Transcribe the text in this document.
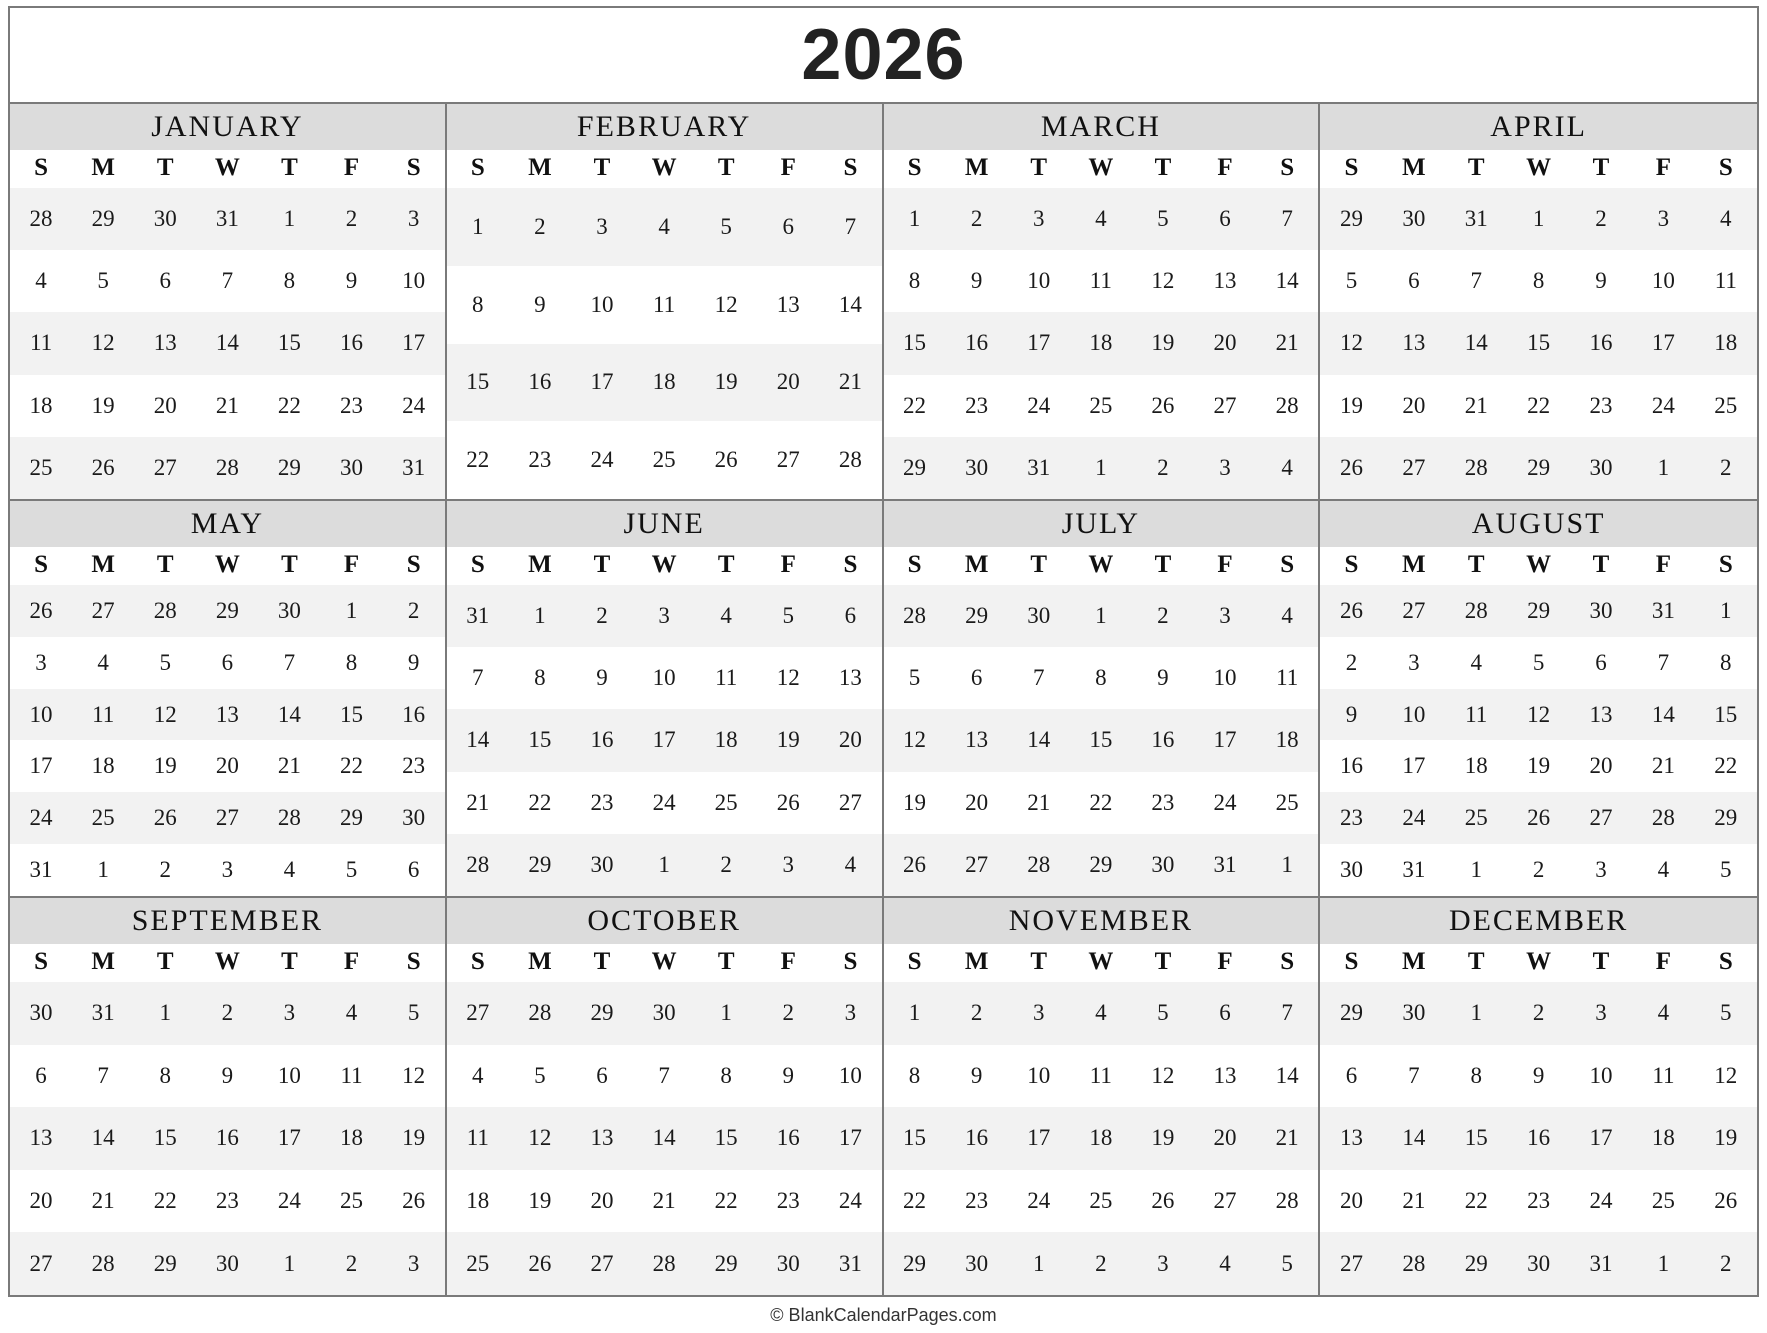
2026
JANUARY
S	M	T	W	T	F	S
28	29	30	31	1	2	3
4	5	6	7	8	9	10
11	12	13	14	15	16	17
18	19	20	21	22	23	24
25	26	27	28	29	30	31
FEBRUARY
S	M	T	W	T	F	S
1	2	3	4	5	6	7
8	9	10	11	12	13	14
15	16	17	18	19	20	21
22	23	24	25	26	27	28
MARCH
S	M	T	W	T	F	S
1	2	3	4	5	6	7
8	9	10	11	12	13	14
15	16	17	18	19	20	21
22	23	24	25	26	27	28
29	30	31	1	2	3	4
APRIL
S	M	T	W	T	F	S
29	30	31	1	2	3	4
5	6	7	8	9	10	11
12	13	14	15	16	17	18
19	20	21	22	23	24	25
26	27	28	29	30	1	2
MAY
S	M	T	W	T	F	S
26	27	28	29	30	1	2
3	4	5	6	7	8	9
10	11	12	13	14	15	16
17	18	19	20	21	22	23
24	25	26	27	28	29	30
31	1	2	3	4	5	6
JUNE
S	M	T	W	T	F	S
31	1	2	3	4	5	6
7	8	9	10	11	12	13
14	15	16	17	18	19	20
21	22	23	24	25	26	27
28	29	30	1	2	3	4
JULY
S	M	T	W	T	F	S
28	29	30	1	2	3	4
5	6	7	8	9	10	11
12	13	14	15	16	17	18
19	20	21	22	23	24	25
26	27	28	29	30	31	1
AUGUST
S	M	T	W	T	F	S
26	27	28	29	30	31	1
2	3	4	5	6	7	8
9	10	11	12	13	14	15
16	17	18	19	20	21	22
23	24	25	26	27	28	29
30	31	1	2	3	4	5
SEPTEMBER
S	M	T	W	T	F	S
30	31	1	2	3	4	5
6	7	8	9	10	11	12
13	14	15	16	17	18	19
20	21	22	23	24	25	26
27	28	29	30	1	2	3
OCTOBER
S	M	T	W	T	F	S
27	28	29	30	1	2	3
4	5	6	7	8	9	10
11	12	13	14	15	16	17
18	19	20	21	22	23	24
25	26	27	28	29	30	31
NOVEMBER
S	M	T	W	T	F	S
1	2	3	4	5	6	7
8	9	10	11	12	13	14
15	16	17	18	19	20	21
22	23	24	25	26	27	28
29	30	1	2	3	4	5
DECEMBER
S	M	T	W	T	F	S
29	30	1	2	3	4	5
6	7	8	9	10	11	12
13	14	15	16	17	18	19
20	21	22	23	24	25	26
27	28	29	30	31	1	2
© BlankCalendarPages.com
